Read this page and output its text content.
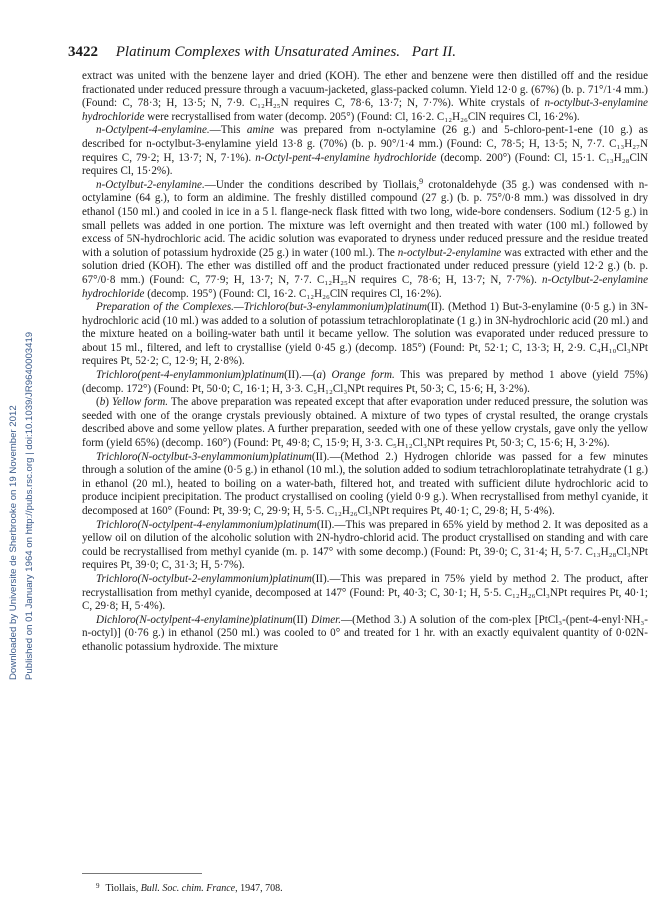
Downloaded by Universite de Sherbrooke on 19 November 2012 Published on 01 January 1964 on http://pubs.rsc.org | doi:10.1039/JR9640003419
3422 Platinum Complexes with Unsaturated Amines. Part II.

extract was united with the benzene layer and dried (KOH). The ether and benzene were then distilled off and the residue fractionated under reduced pressure through a vacuum-jacketed, glass-packed column. Yield 12·0 g. (67%) (b. p. 71°/1·4 mm.) (Found: C, 78·3; H, 13·5; N, 7·9. C₁₂H₂₅N requires C, 78·6, 13·7; N, 7·7%). White crystals of n-octylbut-3-enylamine hydrochloride were recrystallised from water (decomp. 205°) (Found: Cl, 16·2. C₁₂H₂₆ClN requires Cl, 16·2%).

n-Octylpent-4-enylamine.—This amine was prepared from n-octylamine (26 g.) and 5-chloro-pent-1-ene (10 g.) as described for n-octylbut-3-enylamine yield 13·8 g. (70%) (b. p. 90°/1·4 mm.) (Found: C, 78·5; H, 13·5; N, 7·7. C₁₃H₂₇N requires C, 79·2; H, 13·7; N, 7·1%). n-Octyl-pent-4-enylamine hydrochloride (decomp. 200°) (Found: Cl, 15·1. C₁₃H₂₈ClN requires Cl, 15·2%).

n-Octylbut-2-enylamine.—Under the conditions described by Tiollais,$^9$ crotonaldehyde (35 g.) was condensed with n-octylamine (64 g.), to form an aldimine. The freshly distilled compound (27 g.) (b. p. 75°/0·8 mm.) was dissolved in dry ethanol (150 ml.) and cooled in ice in a 5 l. flange-neck flask fitted with two long, wide-bore condensers. Sodium (12·5 g.) in small pellets was added in one portion. The mixture was left overnight and then treated with water (100 ml.) followed by excess of 5N-hydrochloric acid. The acidic solution was evaporated to dryness under reduced pressure and the residue treated with a solution of potassium hydroxide (25 g.) in water (100 ml.). The n-octylbut-2-enylamine was extracted with ether and the solution dried (KOH). The ether was distilled off and the product fractionated under reduced pressure (yield 12·2 g.) (b. p. 67°/0·8 mm.) (Found: C, 77·9; H, 13·7; N, 7·7. C₁₂H₂₅N requires C, 78·6; H, 13·7; N, 7·7%). n-Octylbut-2-enylamine hydrochloride (decomp. 195°) (Found: Cl, 16·2. C₁₂H₂₆ClN requires Cl, 16·2%).

Preparation of the Complexes.—Trichloro(but-3-enylammonium)platinum(II). (Method 1) But-3-enylamine (0·5 g.) in 3N-hydrochloric acid (10 ml.) was added to a solution of potassium tetrachloroplatinate (1 g.) in 3N-hydrochloric acid (20 ml.) and the mixture heated on a boiling-water bath until it became yellow. The solution was evaporated under reduced pressure to about 15 ml., filtered, and left to crystallise (yield 0·45 g.) (decomp. 185°) (Found: Pt, 52·1; C, 13·3; H, 2·9. C₄H₁₀Cl₃NPt requires Pt, 52·2; C, 12·9; H, 2·8%).

Trichloro(pent-4-enylammonium)platinum(II).—(a) Orange form. This was prepared by method 1 above (yield 75%) (decomp. 172°) (Found: Pt, 50·0; C, 16·1; H, 3·3. C₅H₁₂Cl₃NPt requires Pt, 50·3; C, 15·6; H, 3·2%).

(b) Yellow form. The above preparation was repeated except that after evaporation under reduced pressure, the solution was seeded with one of the orange crystals previously obtained. A mixture of two types of crystal resulted, the orange crystals described above and some yellow plates. A further preparation, seeded with one of these yellow crystals, gave only the yellow form (yield 65%) (decomp. 160°) (Found: Pt, 49·8; C, 15·9; H, 3·3. C₅H₁₂Cl₃NPt requires Pt, 50·3; C, 15·6; H, 3·2%).

Trichloro(N-octylbut-3-enylammonium)platinum(II).—(Method 2.) Hydrogen chloride was passed for a few minutes through a solution of the amine (0·5 g.) in ethanol (10 ml.), the solution added to sodium tetrachloroplatinate tetrahydrate (1 g.) in ethanol (20 ml.), heated to boiling on a water-bath, filtered hot, and treated with sufficient dilute hydrochloric acid to produce incipient precipitation. The product crystallised on cooling (yield 0·9 g.). When recrystallised from methyl cyanide, it decomposed at 160° (Found: Pt, 39·9; C, 29·9; H, 5·5. C₁₂H₂₆Cl₃NPt requires Pt, 40·1; C, 29·8; H, 5·4%).

Trichloro(N-octylpent-4-enylammonium)platinum(II).—This was prepared in 65% yield by method 2. It was deposited as a yellow oil on dilution of the alcoholic solution with 2N-hydro-chlorid acid. The product crystallised on standing and with care could be recrystallised from methyl cyanide (m. p. 147° with some decomp.) (Found: Pt, 39·0; C, 31·4; H, 5·7. C₁₃H₂₈Cl₃NPt requires Pt, 39·0; C, 31·3; H, 5·7%).

Trichloro(N-octylbut-2-enylammonium)platinum(II).—This was prepared in 75% yield by method 2. The product, after recrystallisation from methyl cyanide, decomposed at 147° (Found: Pt, 40·3; C, 30·1; H, 5·5. C₁₂H₂₆Cl₃NPt requires Pt, 40·1; C, 29·8; H, 5·4%).

Dichloro(N-octylpent-4-enylamine)platinum(II) Dimer.—(Method 3.) A solution of the com-plex [PtCl₃-(pent-4-enyl·NH₃-n-octyl)] (0·76 g.) in ethanol (250 ml.) was cooled to 0° and treated for 1 hr. with an exactly equivalent quantity of 0·02N-ethanolic potassium hydroxide. The mixture

$^9$ Tiollais, Bull. Soc. chim. France, 1947, 708.
